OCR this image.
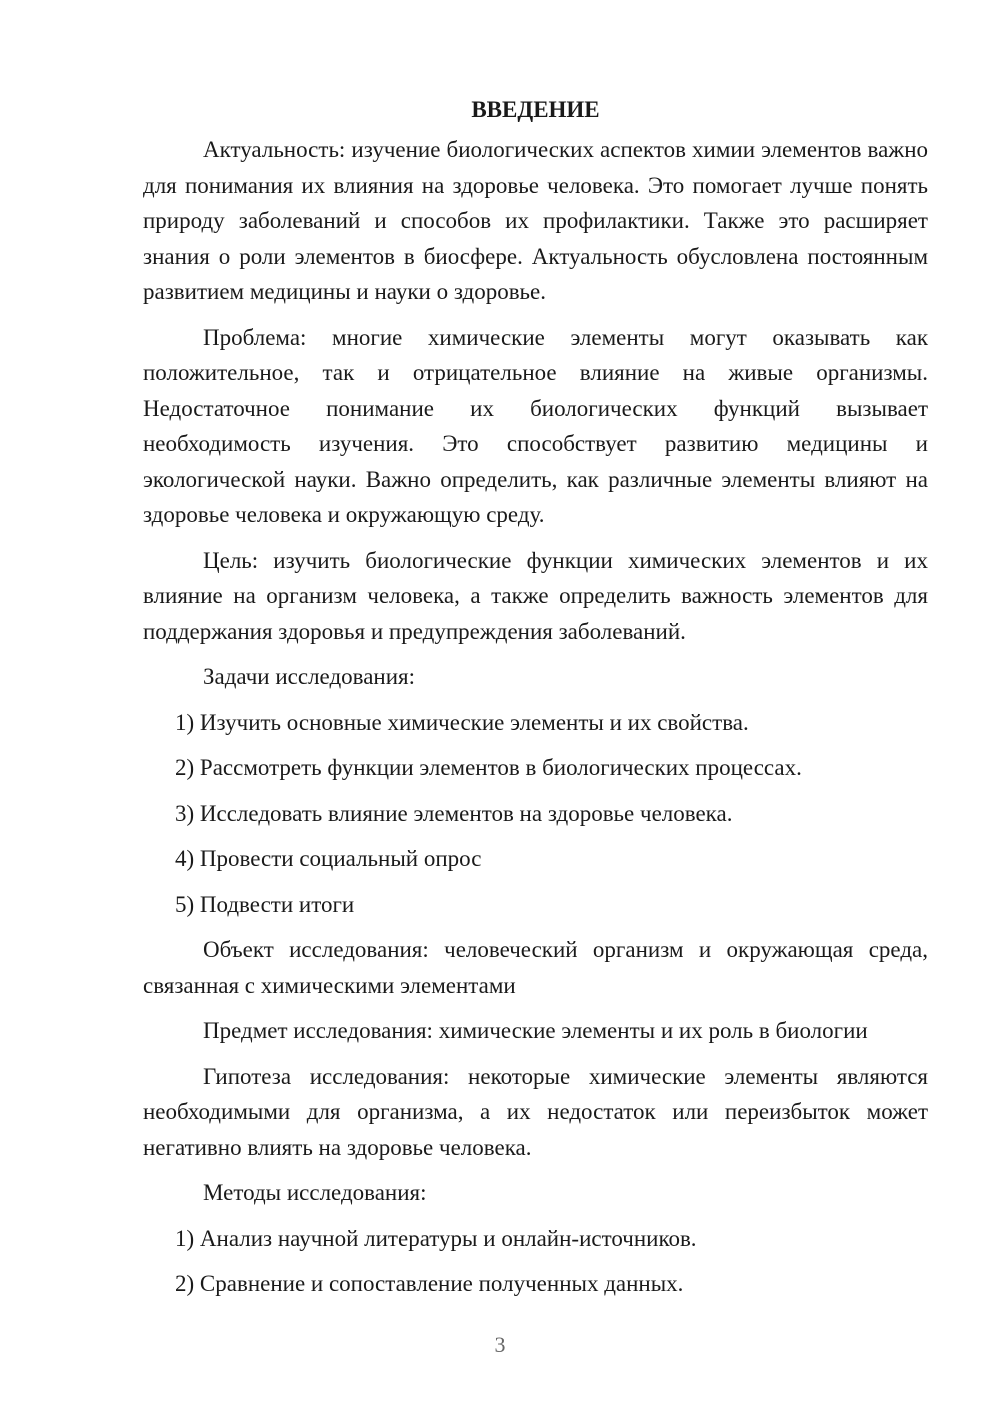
ВВЕДЕНИЕ

Актуальность: изучение биологических аспектов химии элементов важно для понимания их влияния на здоровье человека. Это помогает лучше понять природу заболеваний и способов их профилактики. Также это расширяет знания о роли элементов в биосфере. Актуальность обусловлена постоянным развитием медицины и науки о здоровье.

Проблема: многие химические элементы могут оказывать как положительное, так и отрицательное влияние на живые организмы. Недостаточное понимание их биологических функций вызывает необходимость изучения. Это способствует развитию медицины и экологической науки. Важно определить, как различные элементы влияют на здоровье человека и окружающую среду.

Цель: изучить биологические функции химических элементов и их влияние на организм человека, а также определить важность элементов для поддержания здоровья и предупреждения заболеваний.

Задачи исследования:
1) Изучить основные химические элементы и их свойства.
2) Рассмотреть функции элементов в биологических процессах.
3) Исследовать влияние элементов на здоровье человека.
4) Провести социальный опрос
5) Подвести итоги

Объект исследования: человеческий организм и окружающая среда, связанная с химическими элементами

Предмет исследования: химические элементы и их роль в биологии

Гипотеза исследования: некоторые химические элементы являются необходимыми для организма, а их недостаток или переизбыток может негативно влиять на здоровье человека.

Методы исследования:
1) Анализ научной литературы и онлайн-источников.
2) Сравнение и сопоставление полученных данных.
3
